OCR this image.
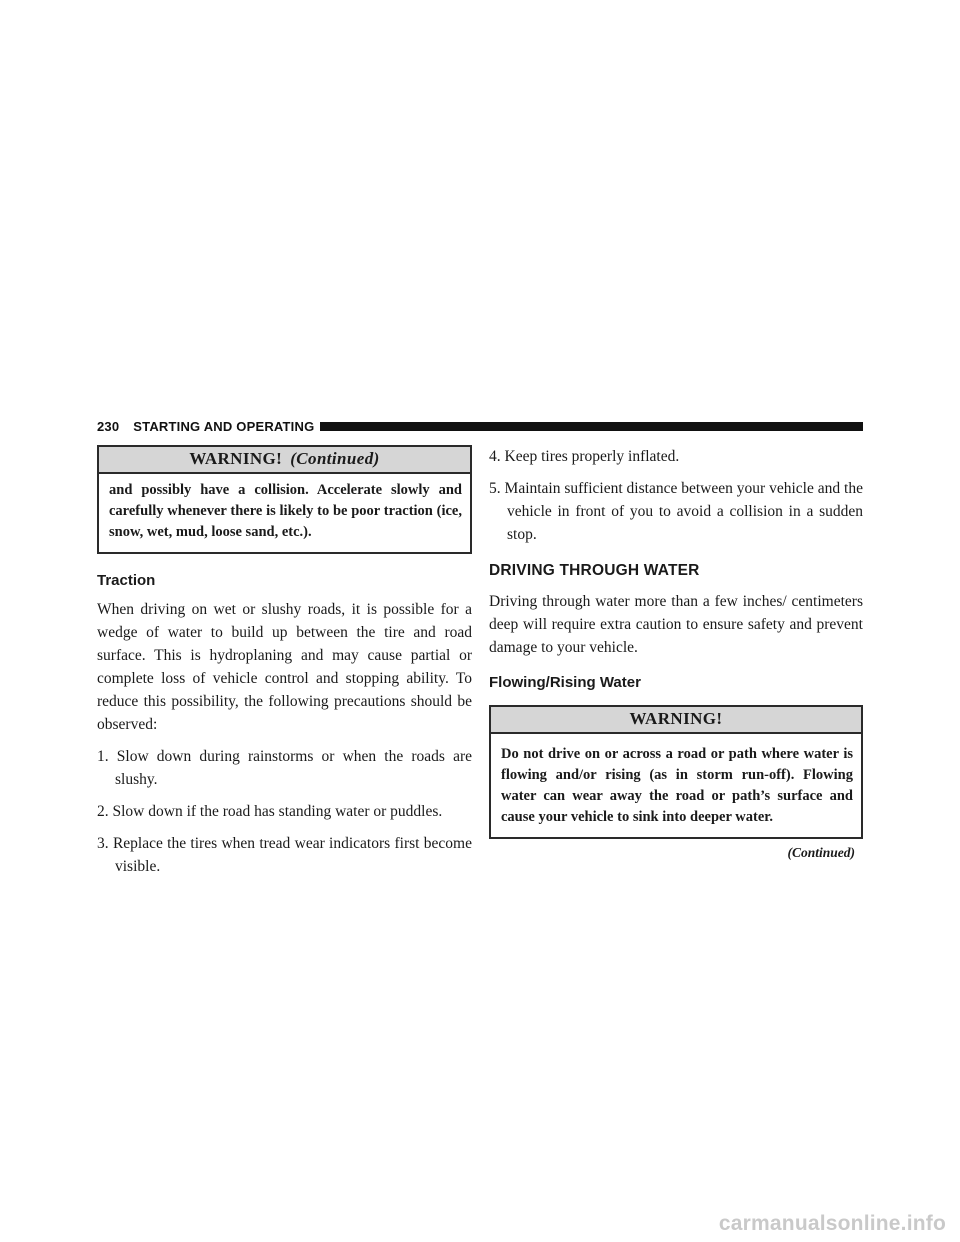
230	STARTING AND OPERATING
WARNING! (Continued)
and possibly have a collision. Accelerate slowly and carefully whenever there is likely to be poor traction (ice, snow, wet, mud, loose sand, etc.).
Traction

When driving on wet or slushy roads, it is possible for a wedge of water to build up between the tire and road surface. This is hydroplaning and may cause partial or complete loss of vehicle control and stopping ability. To reduce this possibility, the following precautions should be observed:

1. Slow down during rainstorms or when the roads are slushy.
2. Slow down if the road has standing water or puddles.
3. Replace the tires when tread wear indicators first become visible.
4. Keep tires properly inflated.
5. Maintain sufficient distance between your vehicle and the vehicle in front of you to avoid a collision in a sudden stop.
DRIVING THROUGH WATER

Driving through water more than a few inches/ centimeters deep will require extra caution to ensure safety and prevent damage to your vehicle.

Flowing/Rising Water
WARNING!
Do not drive on or across a road or path where water is flowing and/or rising (as in storm run-off). Flowing water can wear away the road or path’s surface and cause your vehicle to sink into deeper water.
(Continued)
carmanualsonline.info
